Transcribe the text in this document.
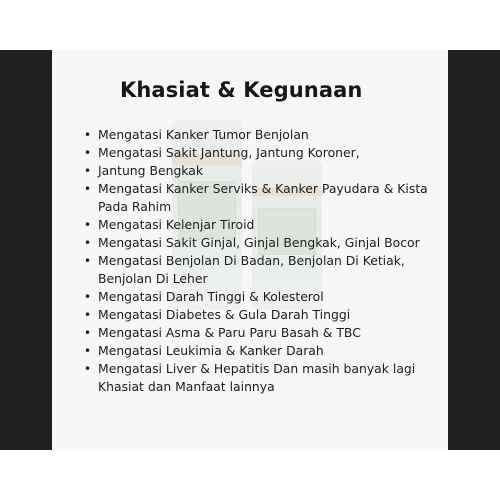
Khasiat & Kegunaan
• Mengatasi Kanker Tumor Benjolan
• Mengatasi Sakit Jantung, Jantung Koroner,
• Jantung Bengkak
• Mengatasi Kanker Serviks & Kanker Payudara & Kista Pada Rahim
• Mengatasi Kelenjar Tiroid
• Mengatasi Sakit Ginjal, Ginjal Bengkak, Ginjal Bocor
• Mengatasi Benjolan Di Badan, Benjolan Di Ketiak, Benjolan Di Leher
• Mengatasi Darah Tinggi & Kolesterol
• Mengatasi Diabetes & Gula Darah Tinggi
• Mengatasi Asma & Paru Paru Basah & TBC
• Mengatasi Leukimia & Kanker Darah
• Mengatasi Liver & Hepatitis Dan masih banyak lagi Khasiat dan Manfaat lainnya
